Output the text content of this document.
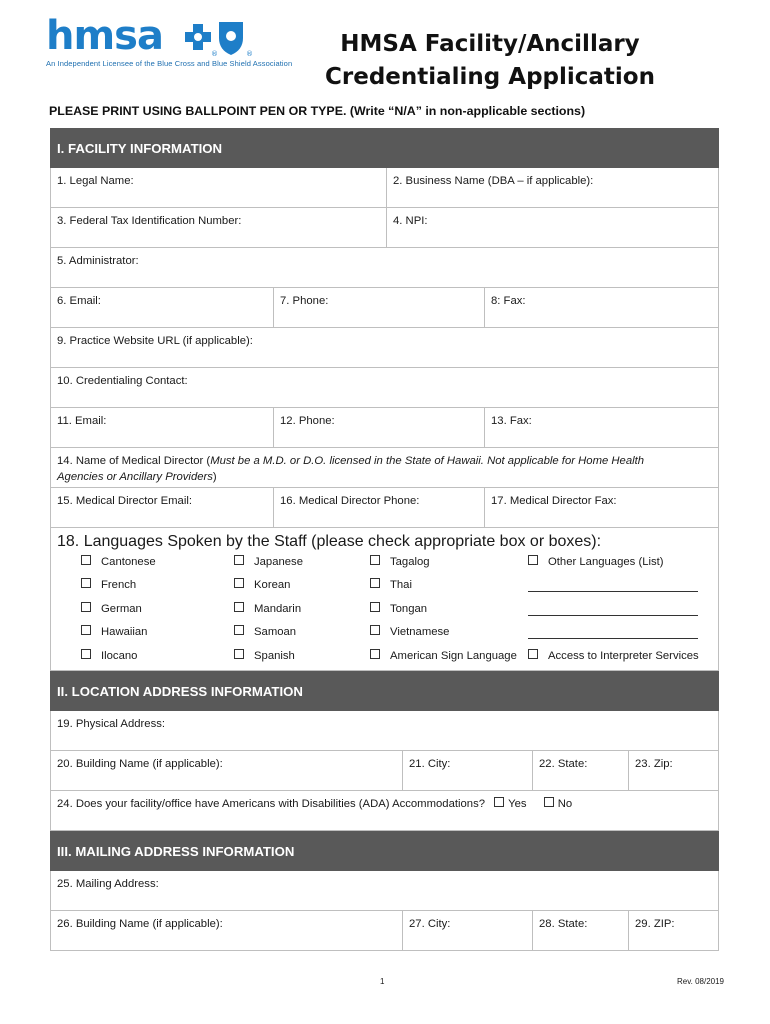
hmsa
An Independent Licensee of the Blue Cross and Blue Shield Association
®	®	HMSA Facility/Ancillary
Credentialing Application
PLEASE PRINT USING BALLPOINT PEN OR TYPE. (Write “N/A” in non-applicable sections)
I. FACILITY INFORMATION
1. Legal Name:	2. Business Name (DBA – if applicable):
3. Federal Tax Identification Number:	4. NPI:
5. Administrator:
6. Email:	7. Phone:	8: Fax:
9. Practice Website URL (if applicable):
10. Credentialing Contact:
11. Email:	12. Phone:	13. Fax:
14. Name of Medical Director (Must be a M.D. or D.O. licensed in the State of Hawaii. Not applicable for Home Health Agencies or Ancillary Providers)
15. Medical Director Email:	16. Medical Director Phone:	17. Medical Director Fax:
18. Languages Spoken by the Staff (please check appropriate box or boxes):
Cantonese
French
German
Hawaiian
Ilocano
Japanese
Korean
Mandarin
Samoan
Spanish
Tagalog
Thai
Tongan
Vietnamese
American Sign Language
Other Languages (List)
Access to Interpreter Services
II. LOCATION ADDRESS INFORMATION
19. Physical Address:
20. Building Name (if applicable):	21. City:	22. State:	23. Zip:
24. Does your facility/office have Americans with Disabilities (ADA) Accommodations? Yes	No
III. MAILING ADDRESS INFORMATION
25. Mailing Address:
26. Building Name (if applicable):	27. City:	28. State:	29. ZIP:
1	Rev. 08/2019
